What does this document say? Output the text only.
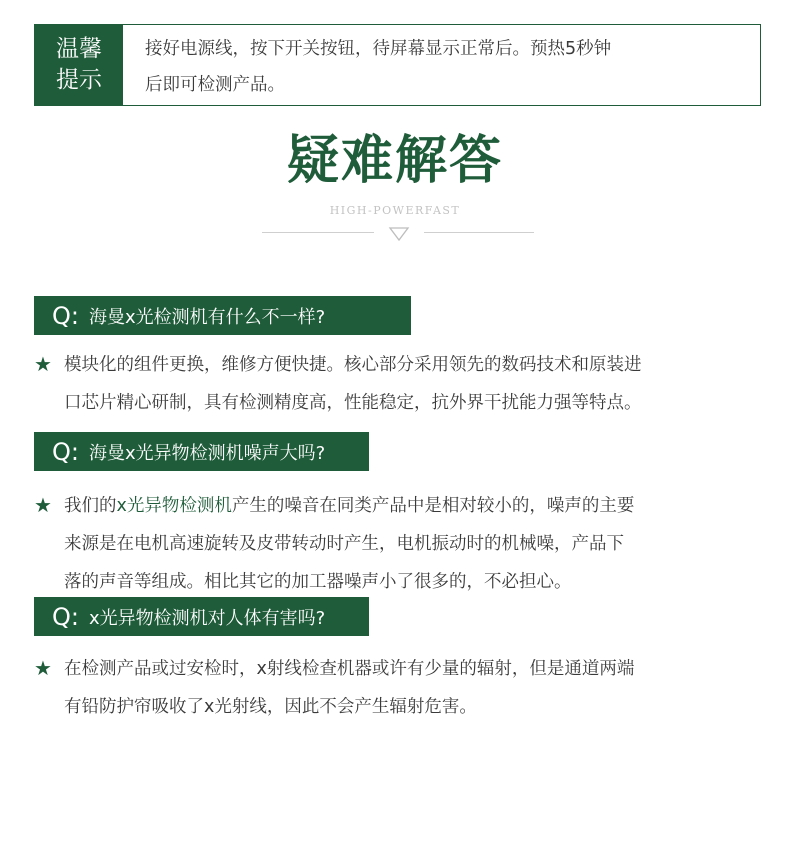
温馨
提示
接好电源线，按下开关按钮，待屏幕显示正常后。预热5秒钟
后即可检测产品。
疑难解答
HIGH-POWERFAST
Q: 海曼x光检测机有什么不一样?
★ 模块化的组件更换，维修方便快捷。核心部分采用领先的数码技术和原装进
口芯片精心研制，具有检测精度高，性能稳定，抗外界干扰能力强等特点。
Q: 海曼x光异物检测机噪声大吗?
★ 我们的x光异物检测机产生的噪音在同类产品中是相对较小的，噪声的主要
来源是在电机高速旋转及皮带转动时产生，电机振动时的机械噪，产品下
落的声音等组成。相比其它的加工器噪声小了很多的，不必担心。
Q: x光异物检测机对人体有害吗?
★ 在检测产品或过安检时，x射线检查机器或许有少量的辐射，但是通道两端
有铅防护帘吸收了x光射线，因此不会产生辐射危害。
